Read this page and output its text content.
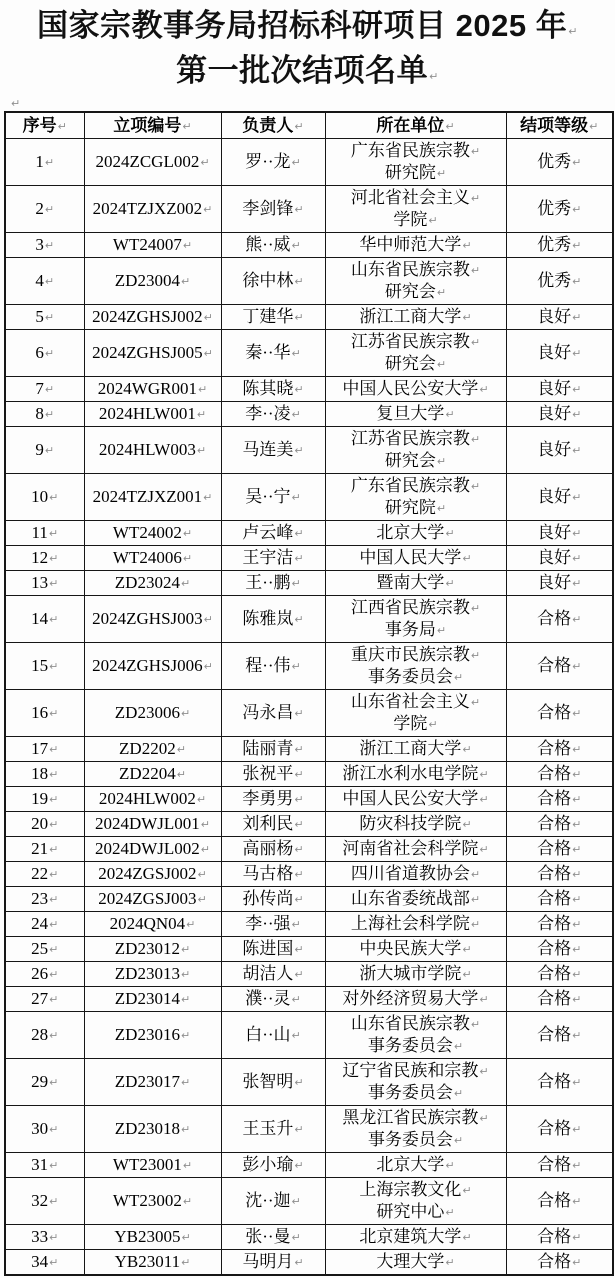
国家宗教事务局招标科研项目 2025 年↵
第一批次结项名单↵
↵
序号↵	立项编号↵	负责人↵	所在单位↵	结项等级↵

1↵	2024ZCGL002↵	罗··龙↵	广东省民族宗教↵
研究院↵	优秀↵

2↵	2024TZJXZ002↵	李剑锋↵	河北省社会主义↵
学院↵	优秀↵

3↵	WT24007↵	熊··威↵	华中师范大学↵	优秀↵

4↵	ZD23004↵	徐中林↵	山东省民族宗教↵
研究会↵	优秀↵

5↵	2024ZGHSJ002↵	丁建华↵	浙江工商大学↵	良好↵

6↵	2024ZGHSJ005↵	秦··华↵	江苏省民族宗教↵
研究会↵	良好↵

7↵	2024WGR001↵	陈其晓↵	中国人民公安大学↵	良好↵

8↵	2024HLW001↵	李··凌↵	复旦大学↵	良好↵

9↵	2024HLW003↵	马连美↵	江苏省民族宗教↵
研究会↵	良好↵

10↵	2024TZJXZ001↵	吴··宁↵	广东省民族宗教↵
研究院↵	良好↵

11↵	WT24002↵	卢云峰↵	北京大学↵	良好↵

12↵	WT24006↵	王宇洁↵	中国人民大学↵	良好↵

13↵	ZD23024↵	王··鹏↵	暨南大学↵	良好↵

14↵	2024ZGHSJ003↵	陈雅岚↵	江西省民族宗教↵
事务局↵	合格↵

15↵	2024ZGHSJ006↵	程··伟↵	重庆市民族宗教↵
事务委员会↵	合格↵

16↵	ZD23006↵	冯永昌↵	山东省社会主义↵
学院↵	合格↵

17↵	ZD2202↵	陆丽青↵	浙江工商大学↵	合格↵

18↵	ZD2204↵	张祝平↵	浙江水利水电学院↵	合格↵

19↵	2024HLW002↵	李勇男↵	中国人民公安大学↵	合格↵

20↵	2024DWJL001↵	刘利民↵	防灾科技学院↵	合格↵

21↵	2024DWJL002↵	高丽杨↵	河南省社会科学院↵	合格↵

22↵	2024ZGSJ002↵	马古格↵	四川省道教协会↵	合格↵

23↵	2024ZGSJ003↵	孙传尚↵	山东省委统战部↵	合格↵

24↵	2024QN04↵	李··强↵	上海社会科学院↵	合格↵

25↵	ZD23012↵	陈进国↵	中央民族大学↵	合格↵

26↵	ZD23013↵	胡洁人↵	浙大城市学院↵	合格↵

27↵	ZD23014↵	濮··灵↵	对外经济贸易大学↵	合格↵

28↵	ZD23016↵	白··山↵	山东省民族宗教↵
事务委员会↵	合格↵

29↵	ZD23017↵	张智明↵	辽宁省民族和宗教↵
事务委员会↵	合格↵

30↵	ZD23018↵	王玉升↵	黑龙江省民族宗教↵
事务委员会↵	合格↵

31↵	WT23001↵	彭小瑜↵	北京大学↵	合格↵

32↵	WT23002↵	沈··迦↵	上海宗教文化↵
研究中心↵	合格↵

33↵	YB23005↵	张··曼↵	北京建筑大学↵	合格↵

34↵	YB23011↵	马明月↵	大理大学↵	合格↵
